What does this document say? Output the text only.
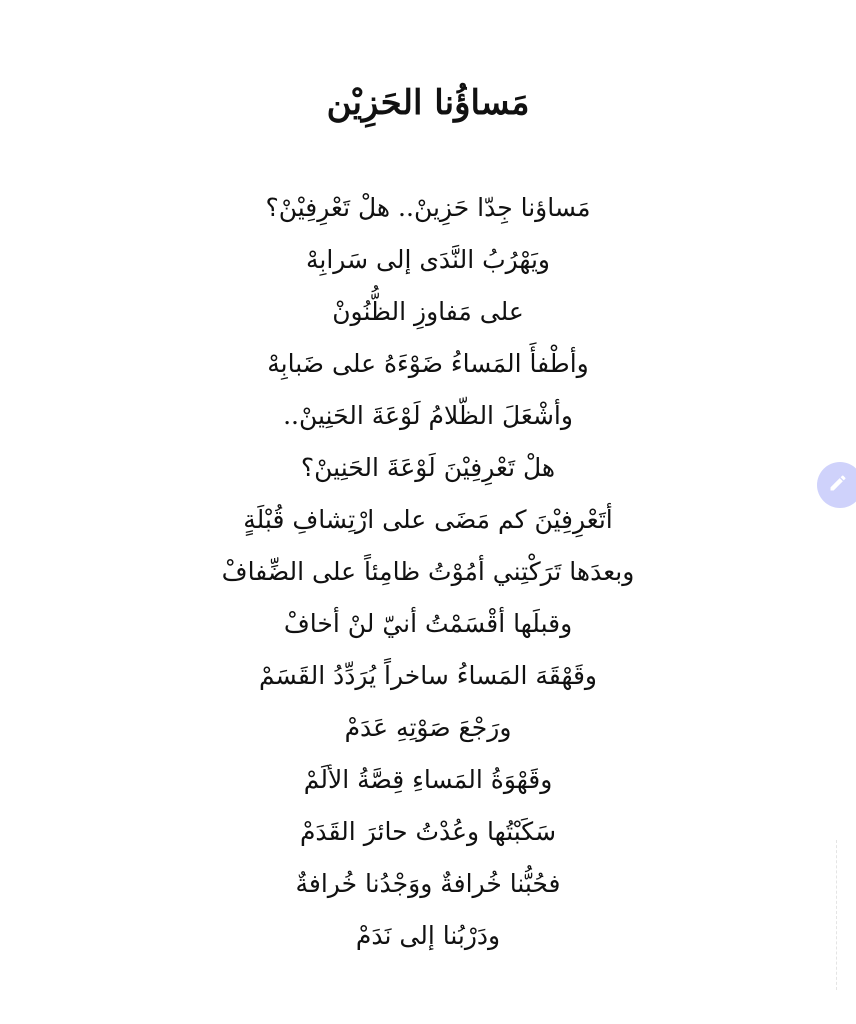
مَساؤُنا الحَزِيْن
مَساؤنا جِدّا حَزِينْ.. هلْ تَعْرِفِيْنْ؟
ويَهْرُبُ النَّدَى إلى سَرابِهْ
على مَفاوزِ الظُّنُونْ
وأطْفأَ المَساءُ ضَوْءَهُ على ضَبابِهْ
وأشْعَلَ الظّلامُ لَوْعَةَ الحَنِينْ..
هلْ تَعْرِفِيْنَ لَوْعَةَ الحَنِينْ؟
أتَعْرِفِيْنَ كم مَضَى على ارْتِشافِ قُبْلَةٍ
وبعدَها تَرَكْتِني أمُوْتُ ظامِئاً على الضِّفافْ
وقبلَها أقْسَمْتُ أنيّ لنْ أخافْ
وقَهْقَهَ المَساءُ ساخراً يُرَدِّدُ القَسَمْ
ورَجْعَ صَوْتِهِ عَدَمْ
وقَهْوَةُ المَساءِ قِصَّةُ الألَمْ
سَكَبْتُها وعُدْتُ حائرَ القَدَمْ
فحُبُّنا خُرافةٌ ووَجْدُنا خُرافةٌ
ودَرْبُنا إلى نَدَمْ
